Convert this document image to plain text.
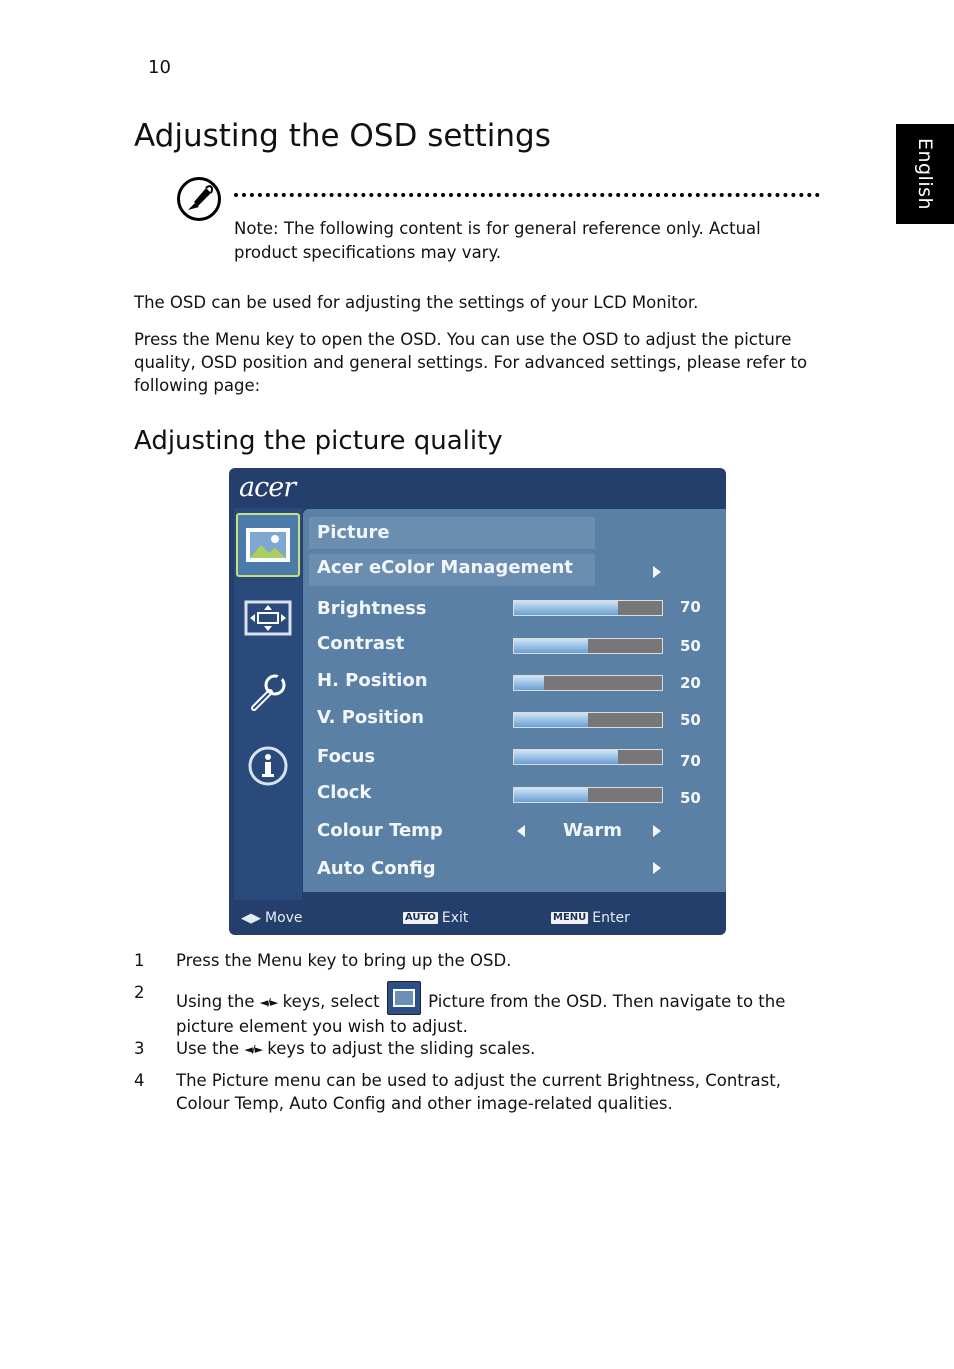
10
English
Adjusting the OSD settings
Note: The following content is for general reference only. Actual product specifications may vary.
The OSD can be used for adjusting the settings of your LCD Monitor.
Press the Menu key to open the OSD. You can use the OSD to adjust the picture quality, OSD position and general settings. For advanced settings, please refer to following page:
Adjusting the picture quality
acer
Picture
Acer eColor Management
Brightness	70
Contrast	50
H. Position	20
V. Position	50
Focus	70
Clock	50
Colour Temp	Warm
Auto Config
◀▶ Move	AUTO Exit	MENU Enter
1 Press the Menu key to bring up the OSD.
2 Using the ◄/► keys, select
Picture from the OSD. Then navigate to the picture element you wish to adjust.
3 Use the ◄/► keys to adjust the sliding scales.
4 The Picture menu can be used to adjust the current Brightness, Contrast, Colour Temp, Auto Config and other image-related qualities.
